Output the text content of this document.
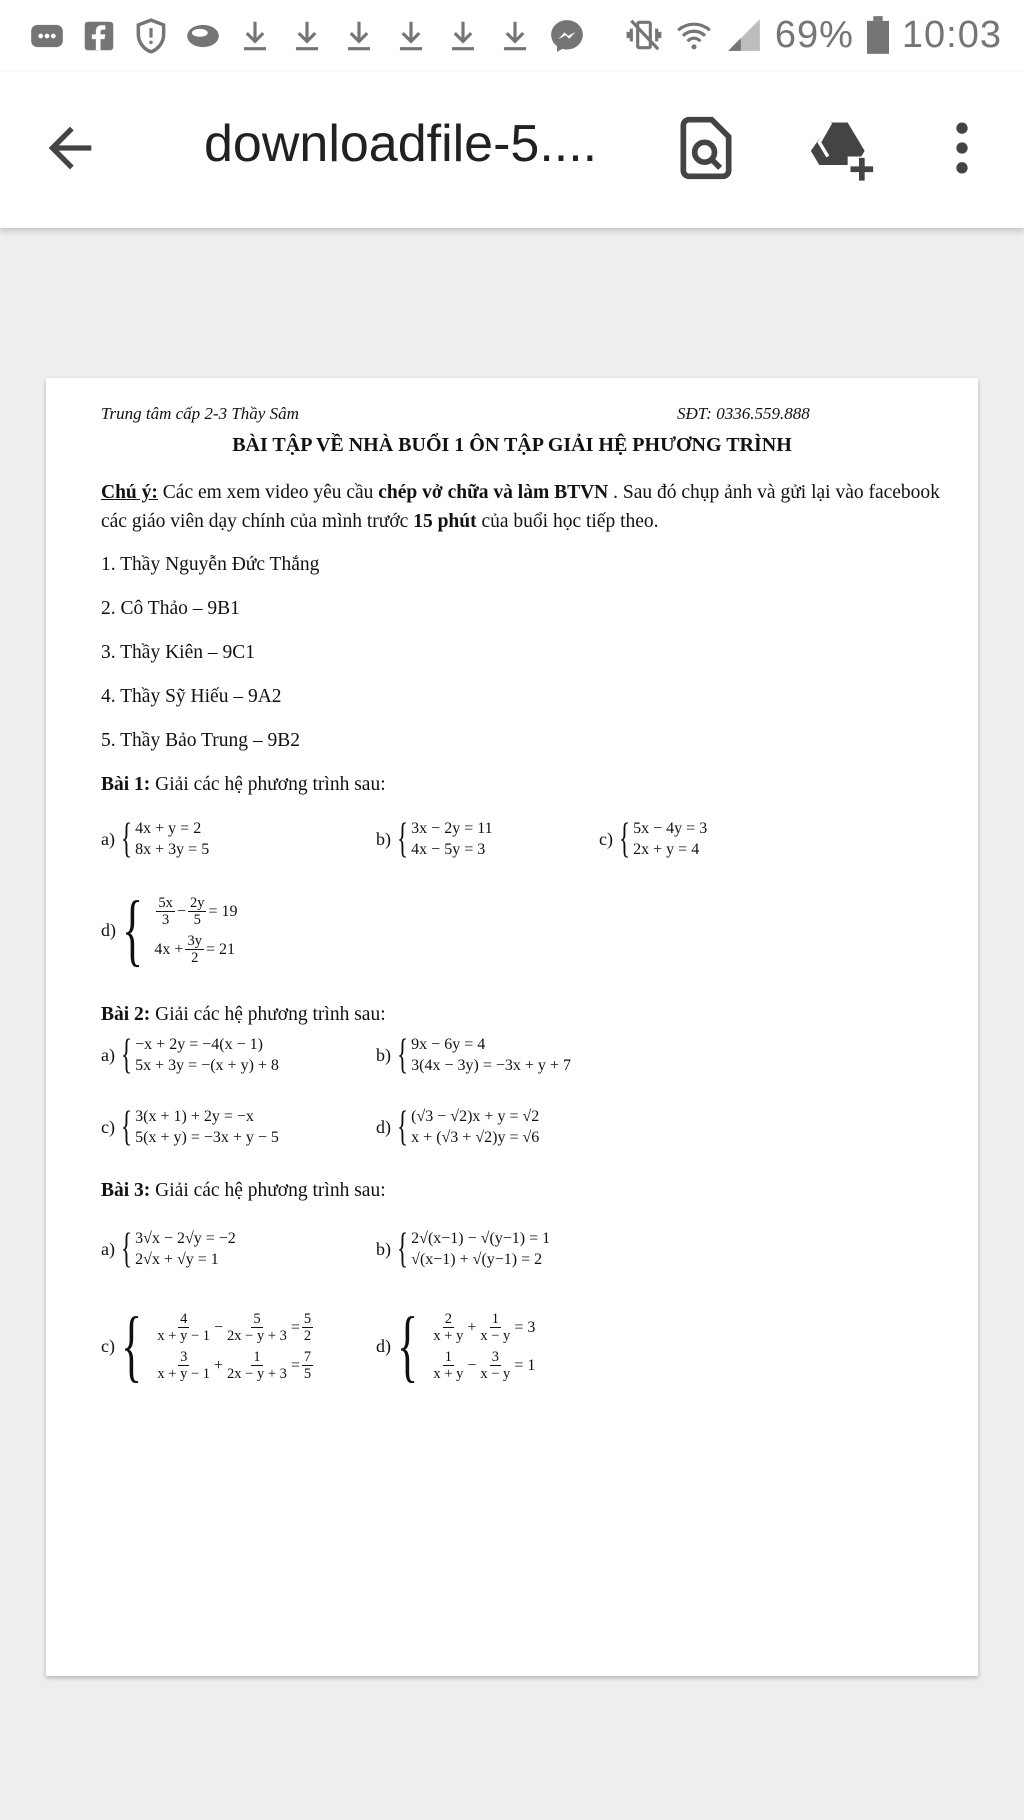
69% 10:03
downloadfile-5....
Trung tâm cấp 2-3 Thầy Sâm	SĐT: 0336.559.888
BÀI TẬP VỀ NHÀ BUỔI 1 ÔN TẬP GIẢI HỆ PHƯƠNG TRÌNH
Chú ý: Các em xem video yêu cầu chép vở chữa và làm BTVN . Sau đó chụp ảnh và gửi lại vào facebook các giáo viên dạy chính của mình trước 15 phút của buổi học tiếp theo.
1. Thầy Nguyễn Đức Thắng
2. Cô Thảo – 9B1
3. Thầy Kiên – 9C1
4. Thầy Sỹ Hiếu – 9A2
5. Thầy Bảo Trung – 9B2
Bài 1: Giải các hệ phương trình sau:
a) { 4x + y = 2
8x + 3y = 5
b) { 3x − 2y = 11
4x − 5y = 3
c) { 5x − 4y = 3
2x + y = 4
d) { $\frac{5x}{3} - \frac{2y}{5} = 19$
$4x + \frac{3y}{2} = 21$
Bài 2: Giải các hệ phương trình sau:
a) { −x + 2y = −4(x − 1)
5x + 3y = −(x + y) + 8
b) { 9x − 6y = 4
3(4x − 3y) = −3x + y + 7
c) { 3(x + 1) + 2y = −x
5(x + y) = −3x + y − 5
d) { (√3 − √2)x + y = √2
x + (√3 + √2)y = √6
Bài 3: Giải các hệ phương trình sau:
a) { 3√x − 2√y = −2
2√x + √y = 1
b) { 2√(x−1) − √(y−1) = 1
√(x−1) + √(y−1) = 2
c) { $\frac{4}{x + y - 1} - \frac{5}{2x - y + 3} = \frac{5}{2}$
$\frac{3}{x + y - 1} + \frac{1}{2x - y + 3} = \frac{7}{5}$
d) { $\frac{2}{x + y} + \frac{1}{x - y} = 3$
$\frac{1}{x + y} - \frac{3}{x - y} = 1$
